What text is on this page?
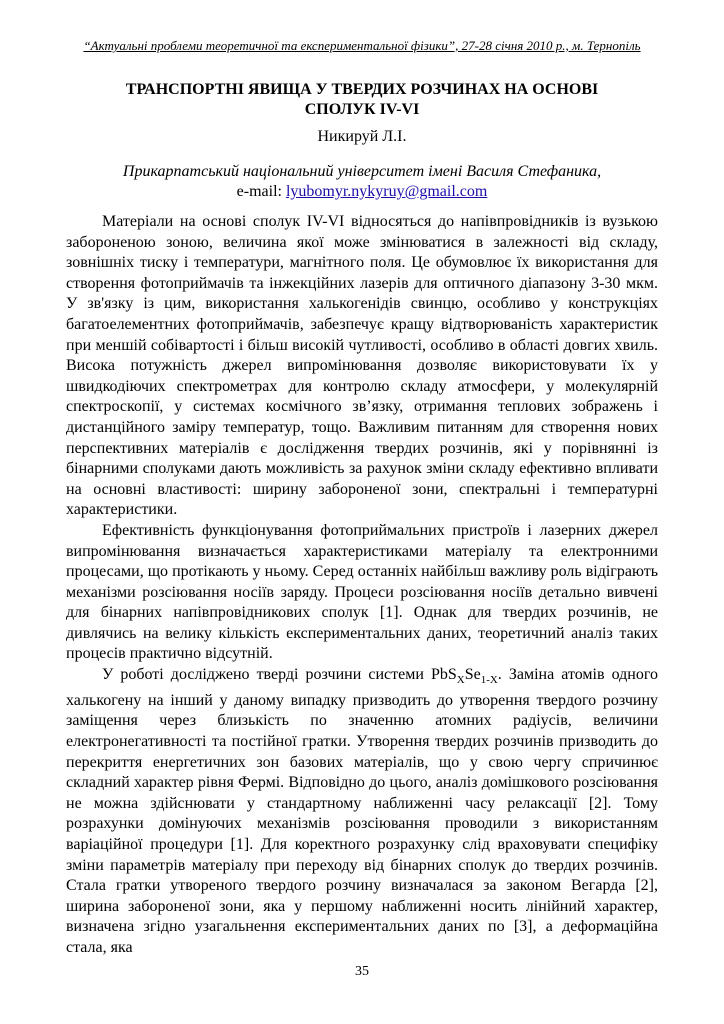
“Актуальні проблеми теоретичної та експериментальної фізики”, 27-28 січня 2010 р., м. Тернопіль
ТРАНСПОРТНІ ЯВИЩА У ТВЕРДИХ РОЗЧИНАХ НА ОСНОВІ
СПОЛУК IV-VI
Никируй Л.І.
Прикарпатський національний університет імені Василя Стефаника,
e-mail: lyubomyr.nykyruy@gmail.com

Матеріали на основі сполук IV-VI відносяться до напівпровідників із вузькою забороненою зоною, величина якої може змінюватися в залежності від складу, зовнішніх тиску і температури, магнітного поля. Це обумовлює їх використання для створення фотоприймачів та інжекційних лазерів для оптичного діапазону 3-30 мкм. У зв'язку із цим, використання халькогенідів свинцю, особливо у конструкціях багатоелементних фотоприймачів, забезпечує кращу відтворюваність характеристик при меншій собівартості і більш високій чутливості, особливо в області довгих хвиль. Висока потужність джерел випромінювання дозволяє використовувати їх у швидкодіючих спектрометрах для контролю складу атмосфери, у молекулярній спектроскопії, у системах космічного зв’язку, отримання теплових зображень і дистанційного заміру температур, тощо. Важливим питанням для створення нових перспективних матеріалів є дослідження твердих розчинів, які у порівнянні із бінарними сполуками дають можливість за рахунок зміни складу ефективно впливати на основні властивості: ширину забороненої зони, спектральні і температурні характеристики.

Ефективність функціонування фотоприймальних пристроїв і лазерних джерел випромінювання визначається характеристиками матеріалу та електронними процесами, що протікають у ньому. Серед останніх найбільш важливу роль відіграють механізми розсіювання носіїв заряду. Процеси розсіювання носіїв детально вивчені для бінарних напівпровідникових сполук [1]. Однак для твердих розчинів, не дивлячись на велику кількість експериментальних даних, теоретичний аналіз таких процесів практично відсутній.

У роботі досліджено тверді розчини системи $PbS_XSe_{1-X}$. Заміна атомів одного халькогену на інший у даному випадку призводить до утворення твердого розчину заміщення через близькість по значенню атомних радіусів, величини електронегативності та постійної гратки. Утворення твердих розчинів призводить до перекриття енергетичних зон базових матеріалів, що у свою чергу спричинює складний характер рівня Фермі. Відповідно до цього, аналіз домішкового розсіювання не можна здійснювати у стандартному наближенні часу релаксації [2]. Тому розрахунки домінуючих механізмів розсіювання проводили з використанням варіаційної процедури [1]. Для коректного розрахунку слід враховувати специфіку зміни параметрів матеріалу при переходу від бінарних сполук до твердих розчинів. Стала гратки утвореного твердого розчину визначалася за законом Вегарда [2], ширина забороненої зони, яка у першому наближенні носить лінійний характер, визначена згідно узагальнення експериментальних даних по [3], а деформаційна стала, яка

35
